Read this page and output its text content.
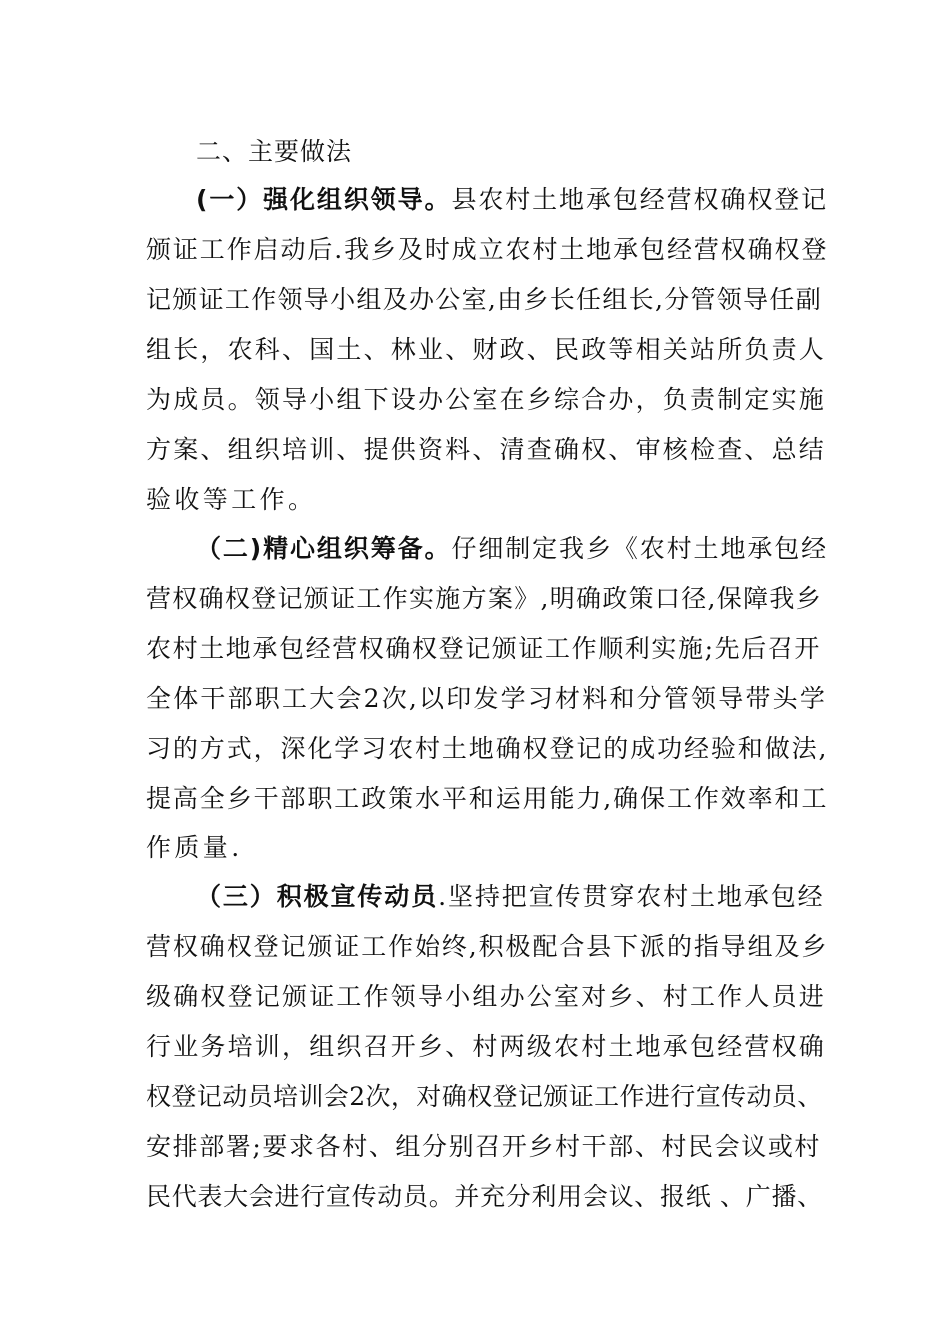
二、主要做法
(一）强化组织领导。县农村土地承包经营权确权登记
颁证工作启动后.我乡及时成立农村土地承包经营权确权登
记颁证工作领导小组及办公室,由乡长任组长,分管领导任副
组长，农科、国土、林业、财政、民政等相关站所负责人
为成员。领导小组下设办公室在乡综合办，负责制定实施
方案、组织培训、提供资料、清查确权、审核检查、总结
验收等工作。
（二)精心组织筹备。仔细制定我乡《农村土地承包经
营权确权登记颁证工作实施方案》,明确政策口径,保障我乡
农村土地承包经营权确权登记颁证工作顺利实施;先后召开
全体干部职工大会2次,以印发学习材料和分管领导带头学
习的方式，深化学习农村土地确权登记的成功经验和做法,
提高全乡干部职工政策水平和运用能力,确保工作效率和工
作质量.
（三）积极宣传动员.坚持把宣传贯穿农村土地承包经
营权确权登记颁证工作始终,积极配合县下派的指导组及乡
级确权登记颁证工作领导小组办公室对乡、村工作人员进
行业务培训，组织召开乡、村两级农村土地承包经营权确
权登记动员培训会2次，对确权登记颁证工作进行宣传动员、
安排部署;要求各村、组分别召开乡村干部、村民会议或村
民代表大会进行宣传动员。并充分利用会议、报纸 、广播、
